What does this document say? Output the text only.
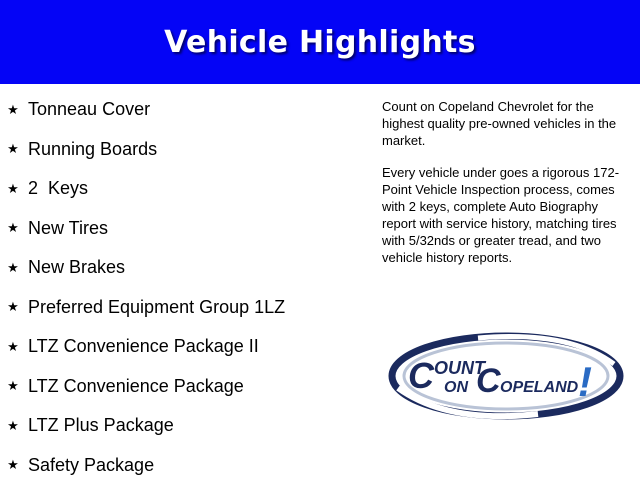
Vehicle Highlights
★ Tonneau Cover
★ Running Boards
★ 2  Keys
★ New Tires
★ New Brakes
★ Preferred Equipment Group 1LZ
★ LTZ Convenience Package II
★ LTZ Convenience Package
★ LTZ Plus Package
★ Safety Package

Count on Copeland Chevrolet for the highest quality pre-owned vehicles in the market.

Every vehicle under goes a rigorous 172-Point Vehicle Inspection process, comes with 2 keys, complete Auto Biography report with service history, matching tires with 5/32nds or greater tread, and two vehicle history reports.

C OUNT
ON C OPELAND !
